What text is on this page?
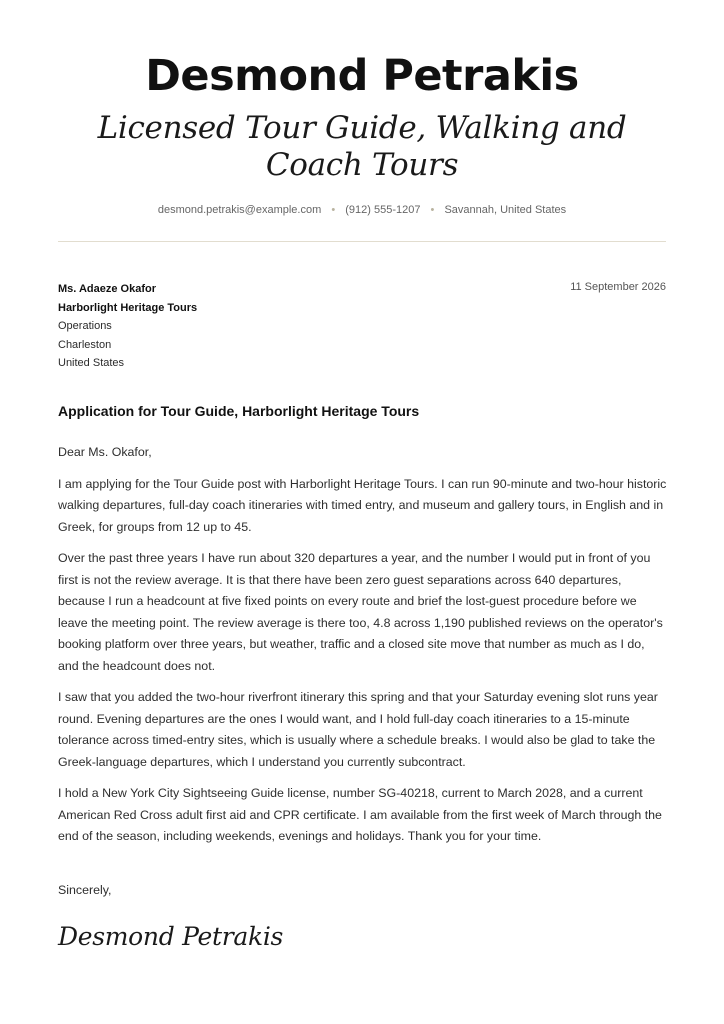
Desmond Petrakis
Licensed Tour Guide, Walking and Coach Tours
desmond.petrakis@example.com • (912) 555-1207 • Savannah, United States
Ms. Adaeze Okafor
Harborlight Heritage Tours
Operations
Charleston
United States
11 September 2026
Application for Tour Guide, Harborlight Heritage Tours

Dear Ms. Okafor,

I am applying for the Tour Guide post with Harborlight Heritage Tours. I can run 90-minute and two-hour historic walking departures, full-day coach itineraries with timed entry, and museum and gallery tours, in English and in Greek, for groups from 12 up to 45.

Over the past three years I have run about 320 departures a year, and the number I would put in front of you first is not the review average. It is that there have been zero guest separations across 640 departures, because I run a headcount at five fixed points on every route and brief the lost-guest procedure before we leave the meeting point. The review average is there too, 4.8 across 1,190 published reviews on the operator's booking platform over three years, but weather, traffic and a closed site move that number as much as I do, and the headcount does not.

I saw that you added the two-hour riverfront itinerary this spring and that your Saturday evening slot runs year round. Evening departures are the ones I would want, and I hold full-day coach itineraries to a 15-minute tolerance across timed-entry sites, which is usually where a schedule breaks. I would also be glad to take the Greek-language departures, which I understand you currently subcontract.

I hold a New York City Sightseeing Guide license, number SG-40218, current to March 2028, and a current American Red Cross adult first aid and CPR certificate. I am available from the first week of March through the end of the season, including weekends, evenings and holidays. Thank you for your time.

Sincerely,
Desmond Petrakis
